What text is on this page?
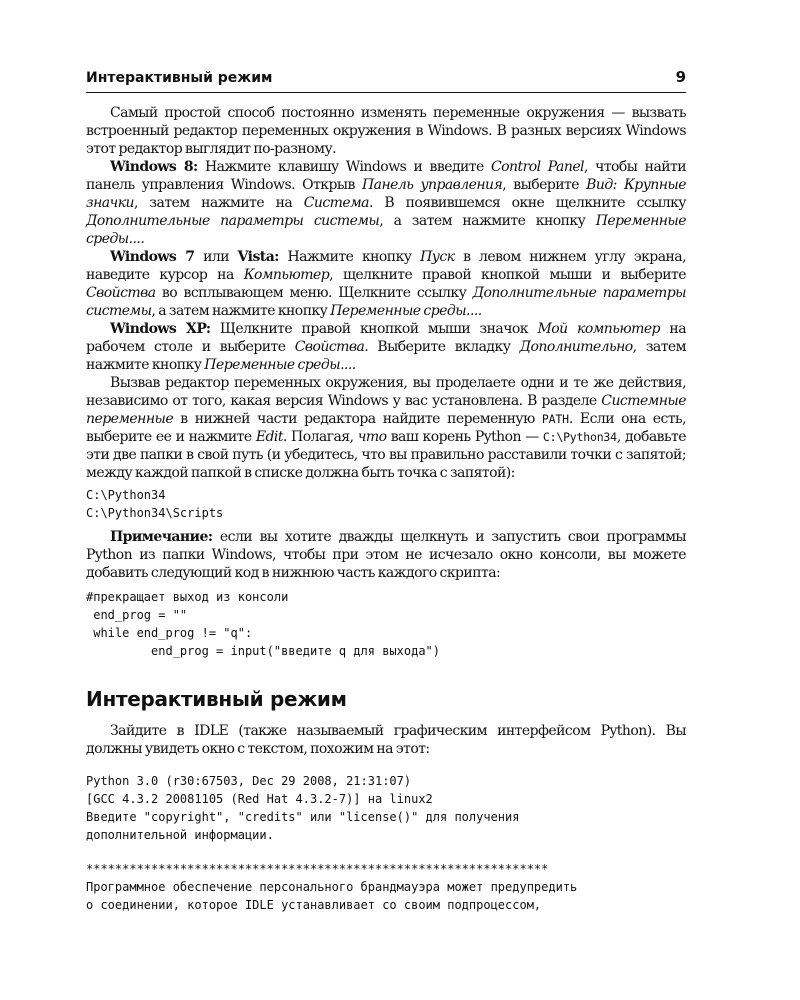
Интерактивный режим	9

Самый простой способ постоянно изменять переменные окружения — вызвать встроенный редактор переменных окружения в Windows. В разных версиях Windows этот редактор выглядит по-разному.

Windows 8: Нажмите клавишу Windows и введите Control Panel, чтобы найти панель управления Windows. Открыв Панель управления, выберите Вид: Крупные значки, затем нажмите на Система. В появившемся окне щелкните ссылку Дополнительные параметры системы, а затем нажмите кнопку Переменные среды....

Windows 7 или Vista: Нажмите кнопку Пуск в левом нижнем углу экрана, наведите курсор на Компьютер, щелкните правой кнопкой мыши и выберите Свойства во всплывающем меню. Щелкните ссылку Дополнительные параметры системы, а затем нажмите кнопку Переменные среды....

Windows XP: Щелкните правой кнопкой мыши значок Мой компьютер на рабочем столе и выберите Свойства. Выберите вкладку Дополнительно, затем нажмите кнопку Переменные среды....

Вызвав редактор переменных окружения, вы проделаете одни и те же действия, независимо от того, какая версия Windows у вас установлена. В разделе Системные переменные в нижней части редактора найдите переменную PATH. Если она есть, выберите ее и нажмите Edit. Полагая, что ваш корень Python — C:\Python34, добавьте эти две папки в свой путь (и убедитесь, что вы правильно расставили точки с запятой; между каждой папкой в списке должна быть точка с запятой):

C:\Python34
C:\Python34\Scripts

Примечание: если вы хотите дважды щелкнуть и запустить свои программы Python из папки Windows, чтобы при этом не исчезало окно консоли, вы можете добавить следующий код в нижнюю часть каждого скрипта:

#прекращает выход из консоли
end_prog = ""
while end_prog != "q":
end_prog = input("введите q для выхода")
Интерактивный режим

Зайдите в IDLE (также называемый графическим интерфейсом Python). Вы должны увидеть окно с текстом, похожим на этот:

Python 3.0 (r30:67503, Dec 29 2008, 21:31:07)
[GCC 4.3.2 20081105 (Red Hat 4.3.2-7)] на linux2
Введите "copyright", "credits" или "license()" для получения
дополнительной информации.
****************************************************************
Программное обеспечение персонального брандмауэра может предупредить
о соединении, которое IDLE устанавливает со своим подпроцессом,
